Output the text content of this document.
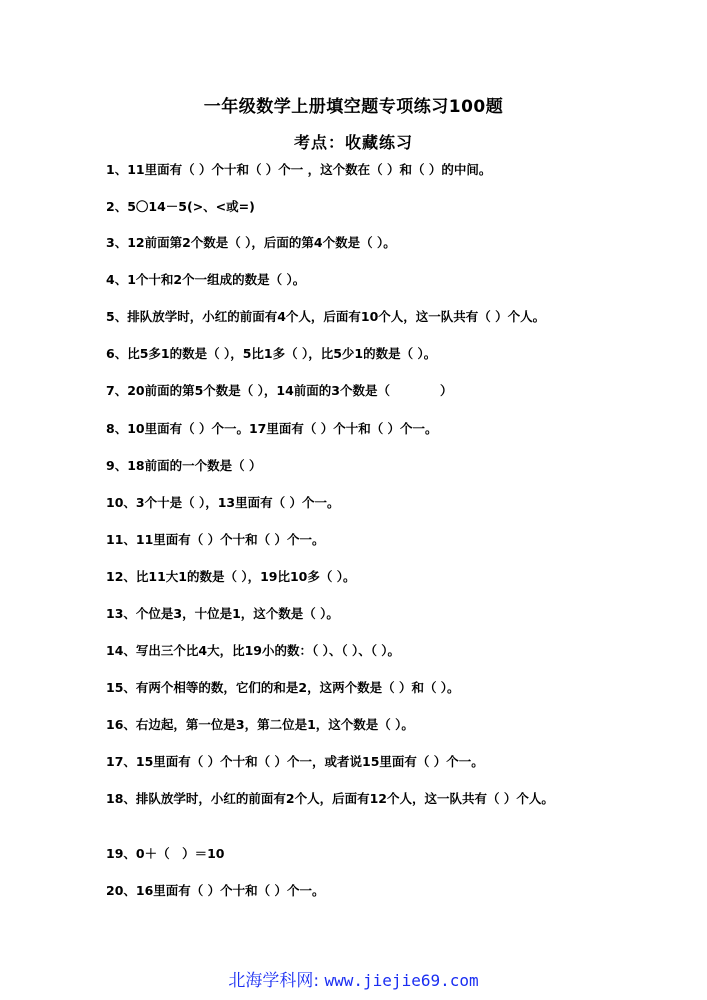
一年级数学上册填空题专项练习100题
考点：收藏练习
1、11里面有（ ）个十和（ ）个一 ，这个数在（ ）和（ ）的中间。
2、5〇14－5(>、<或=)
3、12前面第2个数是（ ），后面的第4个数是（ ）。
4、1个十和2个一组成的数是（ ）。
5、排队放学时，小红的前面有4个人，后面有10个人，这一队共有（ ）个人。
6、比5多1的数是（ ），5比1多（ ），比5少1的数是（ ）。
7、20前面的第5个数是（ ），14前面的3个数是（　　　　）
8、10里面有（ ）个一。17里面有（ ）个十和（ ）个一。
9、18前面的一个数是（ ）
10、3个十是（ ），13里面有（ ）个一。
11、11里面有（ ）个十和（ ）个一。
12、比11大1的数是（ ），19比10多（ ）。
13、个位是3，十位是1，这个数是（ ）。
14、写出三个比4大，比19小的数：（ ）、（ ）、（ ）。
15、有两个相等的数，它们的和是2，这两个数是（ ）和（ ）。
16、右边起，第一位是3，第二位是1，这个数是（ ）。
17、15里面有（ ）个十和（ ）个一，或者说15里面有（ ）个一。
18、排队放学时，小红的前面有2个人，后面有12个人，这一队共有（ ）个人。
19、0＋（　）＝10
20、16里面有（ ）个十和（ ）个一。
北海学科网: www.jiejie69.com
